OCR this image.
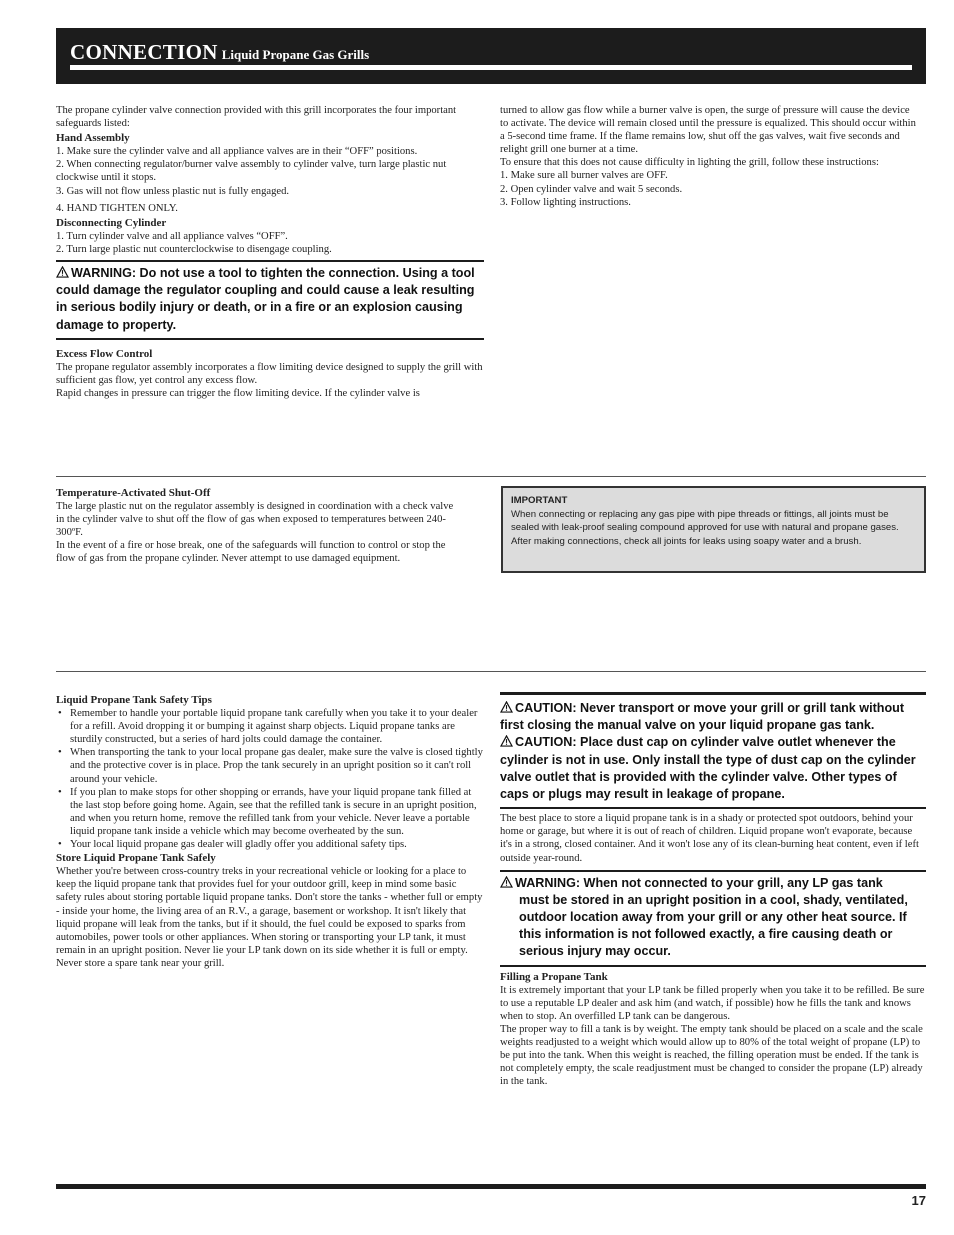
CONNECTION Liquid Propane Gas Grills

The propane cylinder valve connection provided with this grill incorporates the four important safeguards listed:

Hand Assembly

1. Make sure the cylinder valve and all appliance valves are in their “OFF” positions.

2. When connecting regulator/burner valve assembly to cylinder valve, turn large plastic nut clockwise until it stops.

3. Gas will not flow unless plastic nut is fully engaged.

4. HAND TIGHTEN ONLY.

Disconnecting Cylinder

1. Turn cylinder valve and all appliance valves “OFF”.

2. Turn large plastic nut counterclockwise to disengage coupling.

WARNING: Do not use a tool to tighten the connection. Using a tool could damage the regulator coupling and could cause a leak resulting in serious bodily injury or death, or in a fire or an explosion causing damage to property.

Excess Flow Control

The propane regulator assembly incorporates a flow limiting device designed to supply the grill with sufficient gas flow, yet control any excess flow.

Rapid changes in pressure can trigger the flow limiting device. If the cylinder valve is

turned to allow gas flow while a burner valve is open, the surge of pressure will cause the device to activate. The device will remain closed until the pressure is equalized. This should occur within a 5-second time frame. If the flame remains low, shut off the gas valves, wait five seconds and relight grill one burner at a time.

To ensure that this does not cause difficulty in lighting the grill, follow these instructions:

1. Make sure all burner valves are OFF.

2. Open cylinder valve and wait 5 seconds.

3. Follow lighting instructions.

Temperature-Activated Shut-Off

The large plastic nut on the regulator assembly is designed in coordination with a check valve in the cylinder valve to shut off the flow of gas when exposed to temperatures between 240-300ºF.

In the event of a fire or hose break, one of the safeguards will function to control or stop the flow of gas from the propane cylinder. Never attempt to use damaged equipment.

IMPORTANT
When connecting or replacing any gas pipe with pipe threads or fittings, all joints must be sealed with leak-proof sealing compound approved for use with natural and propane gases. After making connections, check all joints for leaks using soapy water and a brush.

Liquid Propane Tank Safety Tips

• Remember to handle your portable liquid propane tank carefully when you take it to your dealer for a refill. Avoid dropping it or bumping it against sharp objects. Liquid propane tanks are sturdily constructed, but a series of hard jolts could damage the container.
• When transporting the tank to your local propane gas dealer, make sure the valve is closed tightly and the protective cover is in place. Prop the tank securely in an upright position so it can't roll around your vehicle.
• If you plan to make stops for other shopping or errands, have your liquid propane tank filled at the last stop before going home. Again, see that the refilled tank is secure in an upright position, and when you return home, remove the refilled tank from your vehicle. Never leave a portable liquid propane tank inside a vehicle which may become overheated by the sun.
• Your local liquid propane gas dealer will gladly offer you additional safety tips.

Store Liquid Propane Tank Safely

Whether you're between cross-country treks in your recreational vehicle or looking for a place to keep the liquid propane tank that provides fuel for your outdoor grill, keep in mind some basic safety rules about storing portable liquid propane tanks. Don't store the tanks - whether full or empty - inside your home, the living area of an R.V., a garage, basement or workshop. It isn't likely that liquid propane will leak from the tanks, but if it should, the fuel could be exposed to sparks from automobiles, power tools or other appliances. When storing or transporting your LP tank, it must remain in an upright position. Never lie your LP tank down on its side whether it is full or empty. Never store a spare tank near your grill.

CAUTION: Never transport or move your grill or grill tank without first closing the manual valve on your liquid propane gas tank.
CAUTION: Place dust cap on cylinder valve outlet whenever the cylinder is not in use. Only install the type of dust cap on the cylinder valve outlet that is provided with the cylinder valve. Other types of caps or plugs may result in leakage of propane.

The best place to store a liquid propane tank is in a shady or protected spot outdoors, behind your home or garage, but where it is out of reach of children. Liquid propane won't evaporate, because it's in a strong, closed container. And it won't lose any of its clean-burning heat content, even if left outside year-round.

WARNING: When not connected to your grill, any LP gas tank
must be stored in an upright position in a cool, shady, ventilated, outdoor location away from your grill or any other heat source. If this information is not followed exactly, a fire causing death or serious injury may occur.

Filling a Propane Tank

It is extremely important that your LP tank be filled properly when you take it to be refilled. Be sure to use a reputable LP dealer and ask him (and watch, if possible) how he fills the tank and knows when to stop. An overfilled LP tank can be dangerous.

The proper way to fill a tank is by weight. The empty tank should be placed on a scale and the scale weights readjusted to a weight which would allow up to 80% of the total weight of propane (LP) to be put into the tank. When this weight is reached, the filling operation must be ended. If the tank is not completely empty, the scale readjustment must be changed to consider the propane (LP) already in the tank.

17
